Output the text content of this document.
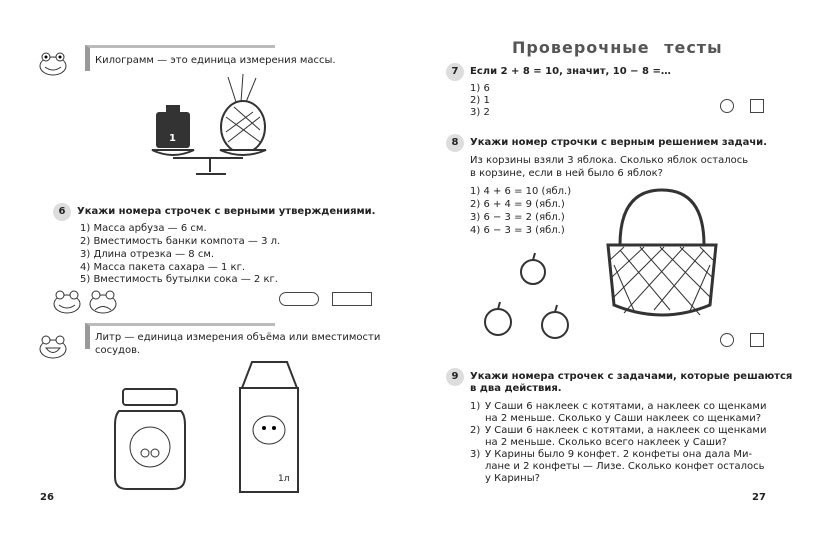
Килограмм — это единица измерения массы.
1
6	Укажи номера строчек с верными утверждениями.
1) Масса арбуза — 6 см.
2) Вместимость банки компота — 3 л.
3) Длина отрезка — 8 см.
4) Масса пакета сахара — 1 кг.
5) Вместимость бутылки сока — 2 кг.
Литр — единица измерения объёма или вместимости
сосудов.
1л
26
Проверочные тесты
7	Если 2 + 8 = 10, значит, 10 − 8 =…
1) 6
2) 1
3) 2
8	Укажи номер строчки с верным решением задачи.
Из корзины взяли 3 яблока. Сколько яблок осталось
в корзине, если в ней было 6 яблок?
1) 4 + 6 = 10 (ябл.)
2) 6 + 4 = 9 (ябл.)
3) 6 − 3 = 2 (ябл.)
4) 6 − 3 = 3 (ябл.)
9	Укажи номера строчек с задачами, которые решаются
в два действия.
1) У Саши 6 наклеек с котятами, а наклеек со щенками
на 2 меньше. Сколько у Саши наклеек со щенками?
2) У Саши 6 наклеек с котятами, а наклеек со щенками
на 2 меньше. Сколько всего наклеек у Саши?
3) У Карины было 9 конфет. 2 конфеты она дала Ми-
лане и 2 конфеты — Лизе. Сколько конфет осталось
у Карины?
27
